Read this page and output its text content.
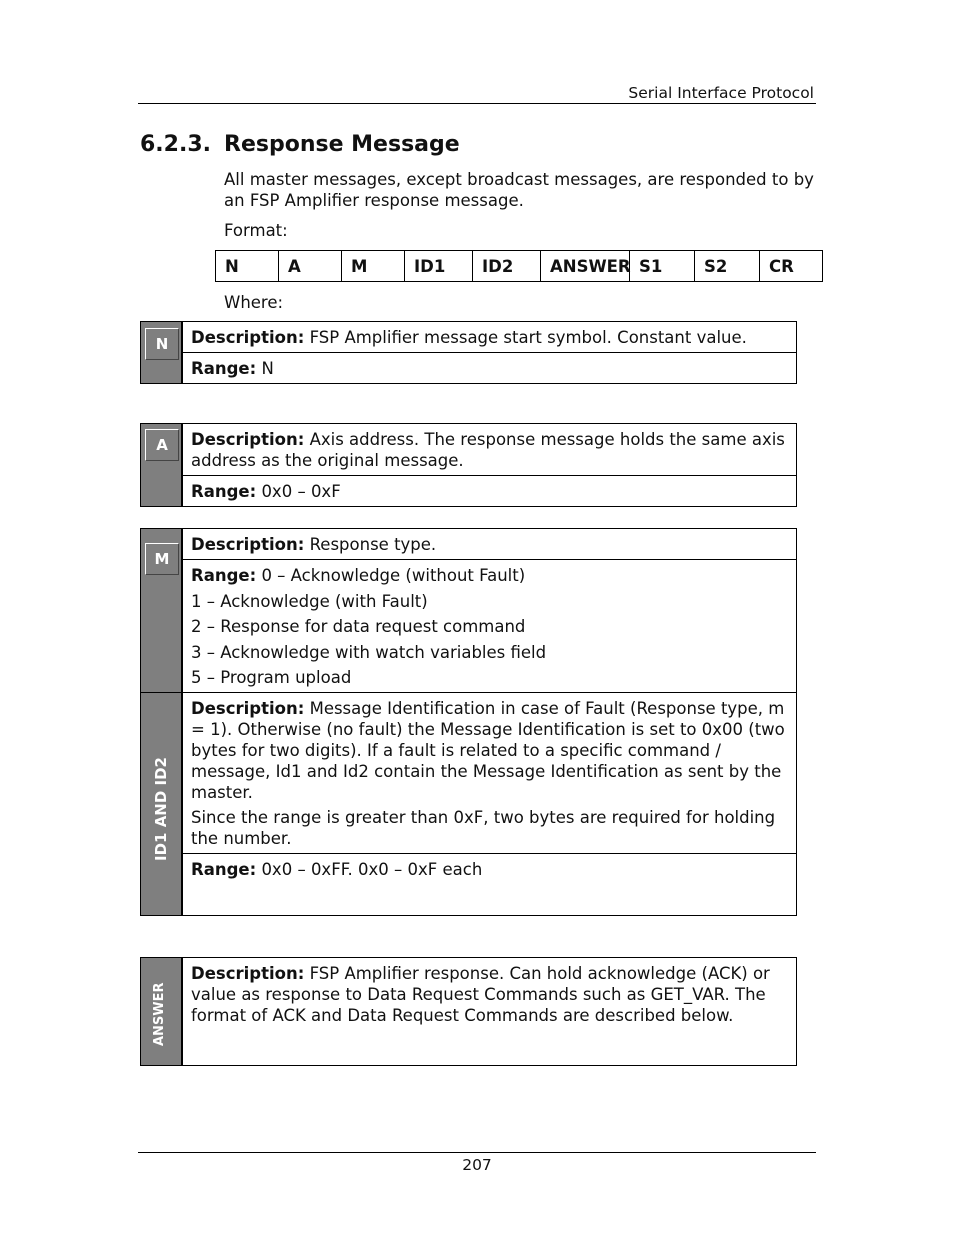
Serial Interface Protocol
6.2.3. Response Message
All master messages, except broadcast messages, are responded to by an FSP Amplifier response message.
Format:
N	A	M	ID1	ID2	ANSWER	S1	S2	CR
Where:
N	Description: FSP Amplifier message start symbol. Constant value.

Range: N

A	Description: Axis address. The response message holds the same axis address as the original message.

Range: 0x0 – 0xF

M

Description: Response type.

Range: 0 – Acknowledge (without Fault)

1 – Acknowledge (with Fault)

2 – Response for data request command

3 – Acknowledge with watch variables field

5 – Program upload

ID1 AND ID2

Description: Message Identification in case of Fault (Response type, m = 1). Otherwise (no fault) the Message Identification is set to 0x00 (two bytes for two digits). If a fault is related to a specific command / message, Id1 and Id2 contain the Message Identification as sent by the master.

Since the range is greater than 0xF, two bytes are required for holding the number.

Range: 0x0 – 0xFF. 0x0 – 0xF each

ANSWER

Description: FSP Amplifier response. Can hold acknowledge (ACK) or value as response to Data Request Commands such as GET_VAR. The format of ACK and Data Request Commands are described below.

207
